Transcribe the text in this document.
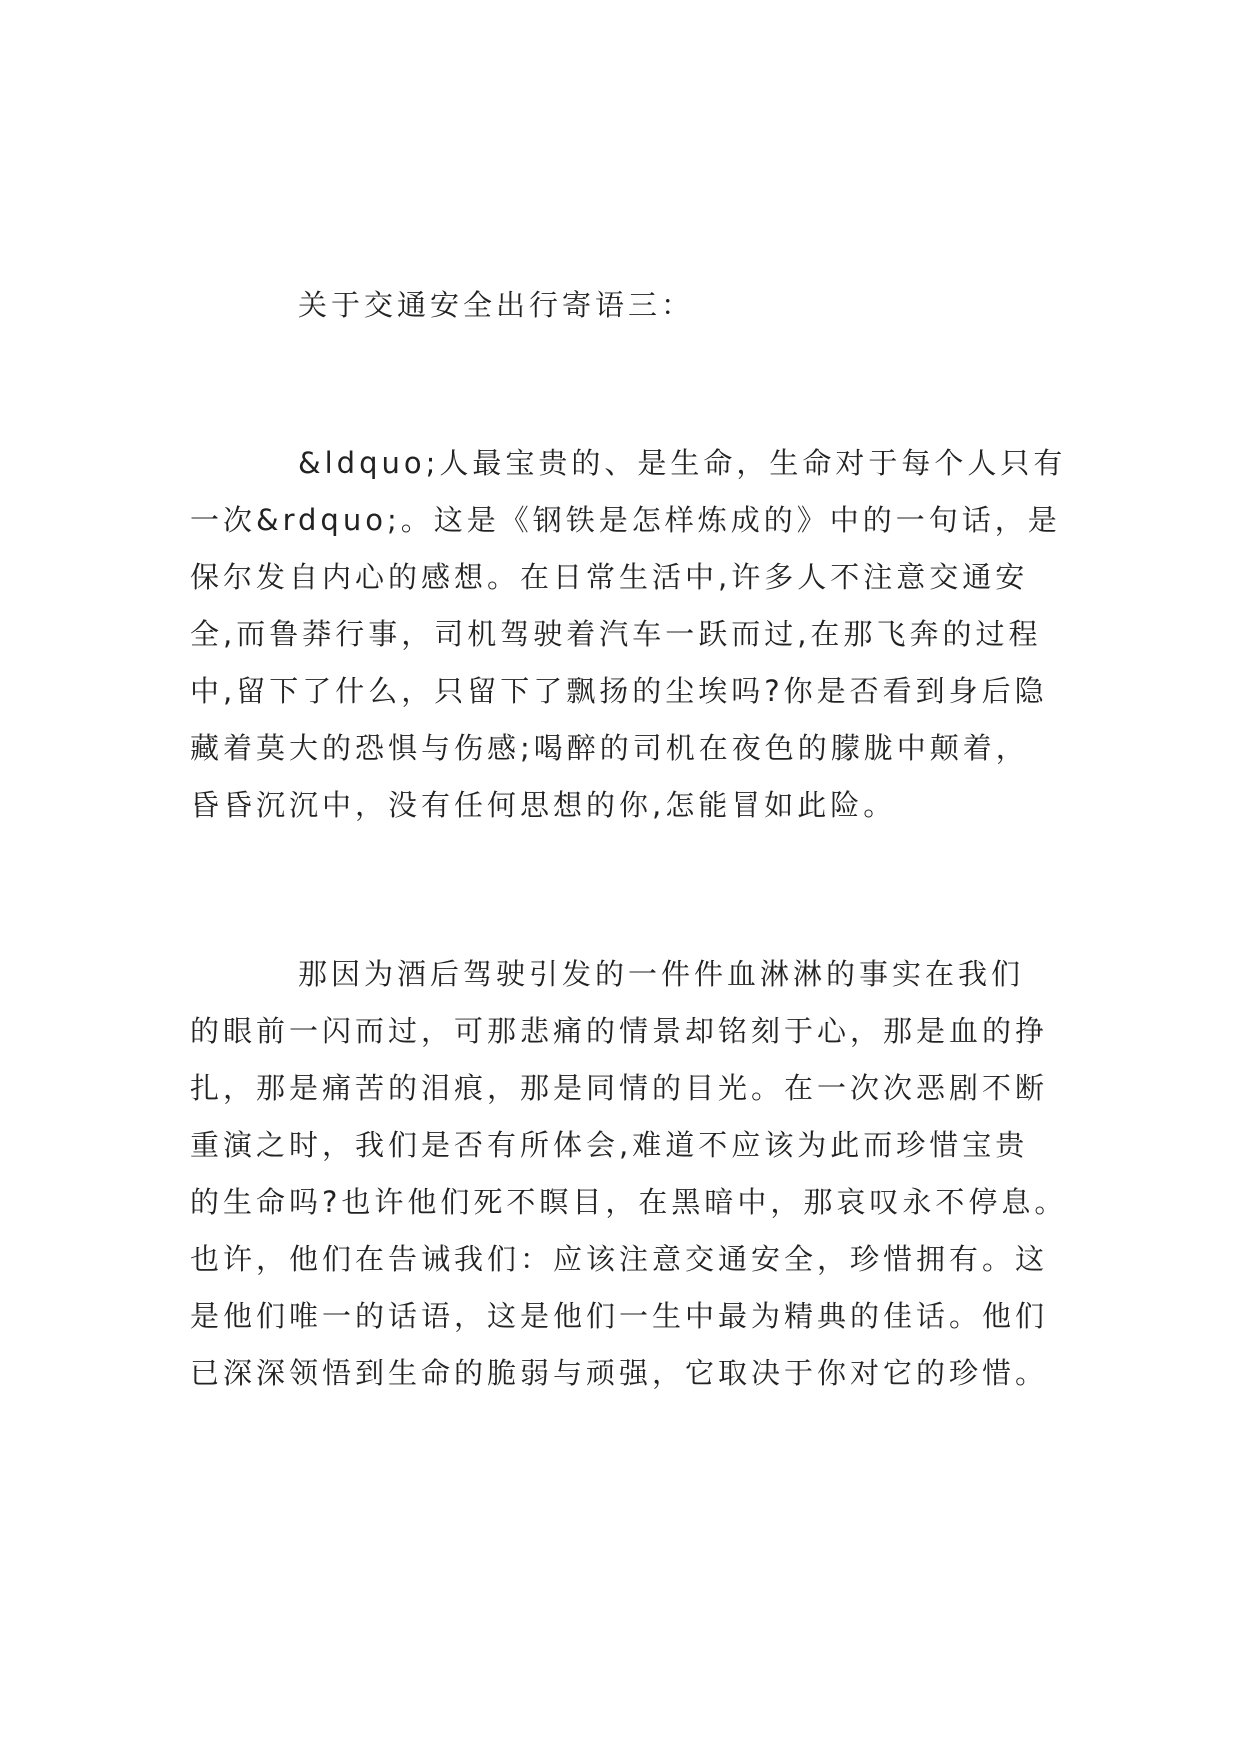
关于交通安全出行寄语三：
&ldquo;人最宝贵的、是生命，生命对于每个人只有
一次&rdquo;。这是《钢铁是怎样炼成的》中的一句话，是
保尔发自内心的感想。在日常生活中,许多人不注意交通安
全,而鲁莽行事，司机驾驶着汽车一跃而过,在那飞奔的过程
中,留下了什么，只留下了飘扬的尘埃吗?你是否看到身后隐
藏着莫大的恐惧与伤感;喝醉的司机在夜色的朦胧中颠着，
昏昏沉沉中，没有任何思想的你,怎能冒如此险。
那因为酒后驾驶引发的一件件血淋淋的事实在我们
的眼前一闪而过，可那悲痛的情景却铭刻于心，那是血的挣
扎，那是痛苦的泪痕，那是同情的目光。在一次次恶剧不断
重演之时，我们是否有所体会,难道不应该为此而珍惜宝贵
的生命吗?也许他们死不瞑目，在黑暗中，那哀叹永不停息。
也许，他们在告诫我们：应该注意交通安全，珍惜拥有。这
是他们唯一的话语，这是他们一生中最为精典的佳话。他们
已深深领悟到生命的脆弱与顽强，它取决于你对它的珍惜。
